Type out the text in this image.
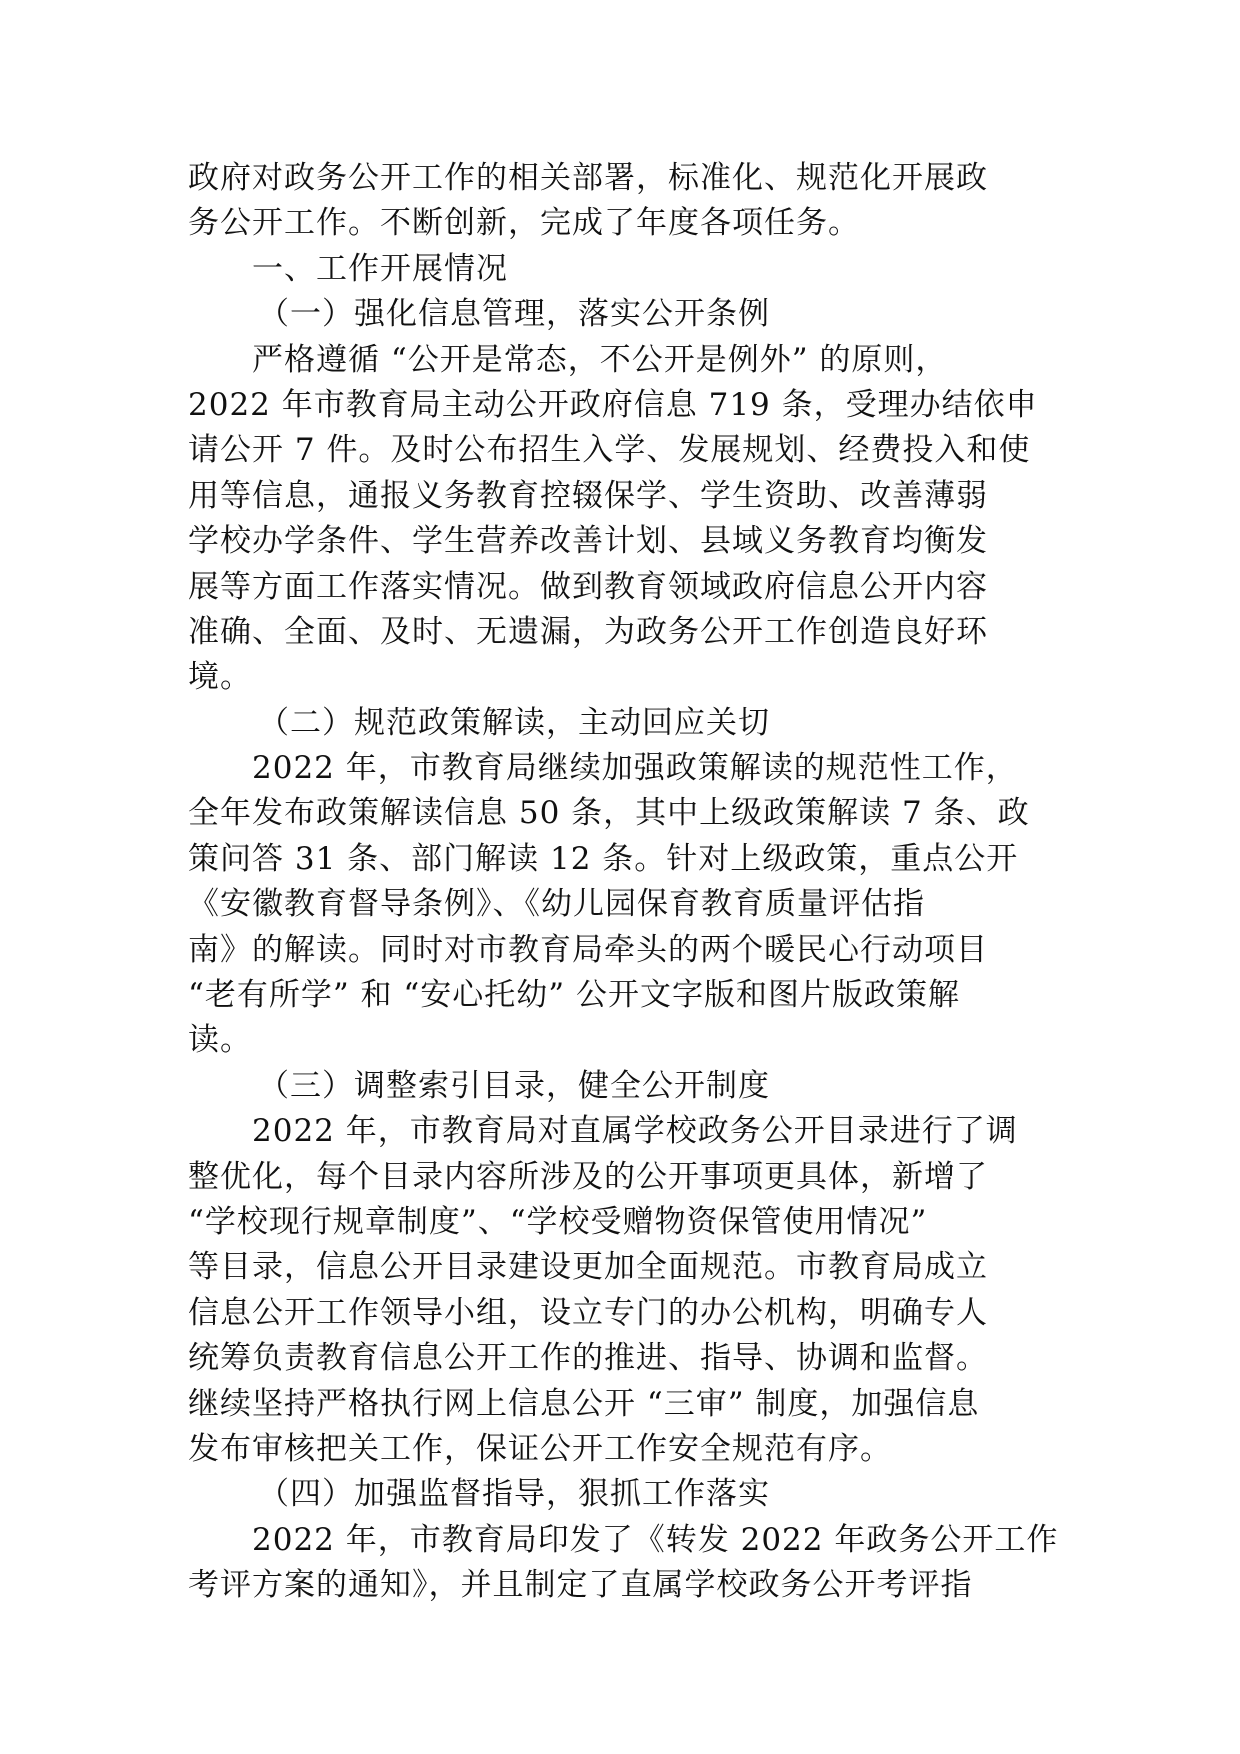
政府对政务公开工作的相关部署，标准化、规范化开展政
务公开工作。不断创新，完成了年度各项任务。
一、工作开展情况
（一）强化信息管理，落实公开条例
严格遵循 “公开是常态，不公开是例外” 的原则，
2022 年市教育局主动公开政府信息 719 条，受理办结依申
请公开 7 件。及时公布招生入学、发展规划、经费投入和使
用等信息，通报义务教育控辍保学、学生资助、改善薄弱
学校办学条件、学生营养改善计划、县域义务教育均衡发
展等方面工作落实情况。做到教育领域政府信息公开内容
准确、全面、及时、无遗漏，为政务公开工作创造良好环
境。
（二）规范政策解读，主动回应关切
2022 年，市教育局继续加强政策解读的规范性工作，
全年发布政策解读信息 50 条，其中上级政策解读 7 条、政
策问答 31 条、部门解读 12 条。针对上级政策，重点公开
《安徽教育督导条例》、《幼儿园保育教育质量评估指
南》的解读。同时对市教育局牵头的两个暖民心行动项目
“老有所学” 和 “安心托幼” 公开文字版和图片版政策解
读。
（三）调整索引目录，健全公开制度
2022 年，市教育局对直属学校政务公开目录进行了调
整优化，每个目录内容所涉及的公开事项更具体，新增了
“学校现行规章制度”、“学校受赠物资保管使用情况”
等目录，信息公开目录建设更加全面规范。市教育局成立
信息公开工作领导小组，设立专门的办公机构，明确专人
统筹负责教育信息公开工作的推进、指导、协调和监督。
继续坚持严格执行网上信息公开 “三审” 制度，加强信息
发布审核把关工作，保证公开工作安全规范有序。
（四）加强监督指导，狠抓工作落实
2022 年，市教育局印发了《转发 2022 年政务公开工作
考评方案的通知》，并且制定了直属学校政务公开考评指
